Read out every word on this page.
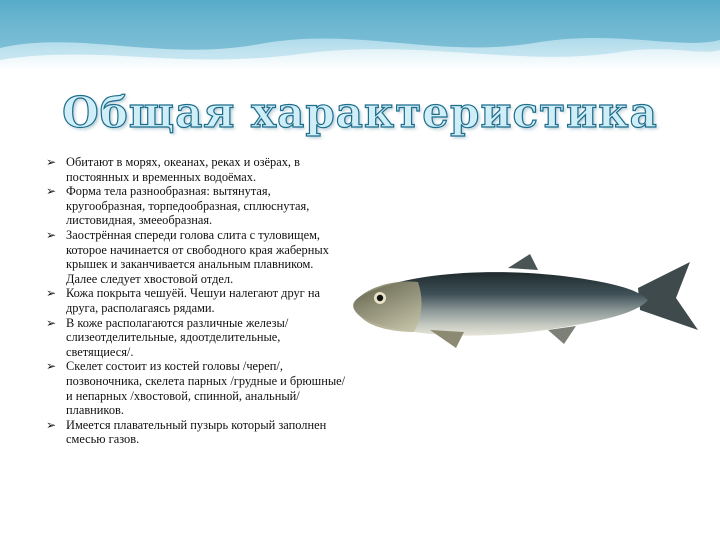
Общая характеристика
➢ Обитают в морях, океанах, реках и озёрах, в постоянных и временных водоёмах.
➢ Форма тела разнообразная: вытянутая, кругообразная, торпедообразная, сплюснутая, листовидная, змееобразная.
➢ Заострённая спереди голова слита с туловищем, которое начинается от свободного края жаберных крышек и заканчивается анальным плавником. Далее следует хвостовой отдел.
➢ Кожа покрыта чешуёй. Чешуи налегают друг на друга, располагаясь рядами.
➢ В коже располагаются различные железы/слизеотделительные, ядоотделительные, светящиеся/.
➢ Скелет состоит из костей головы /череп/, позвоночника, скелета парных /грудные и брюшные/ и непарных /хвостовой, спинной, анальный/ плавников.
➢ Имеется плавательный пузырь который заполнен смесью газов.
